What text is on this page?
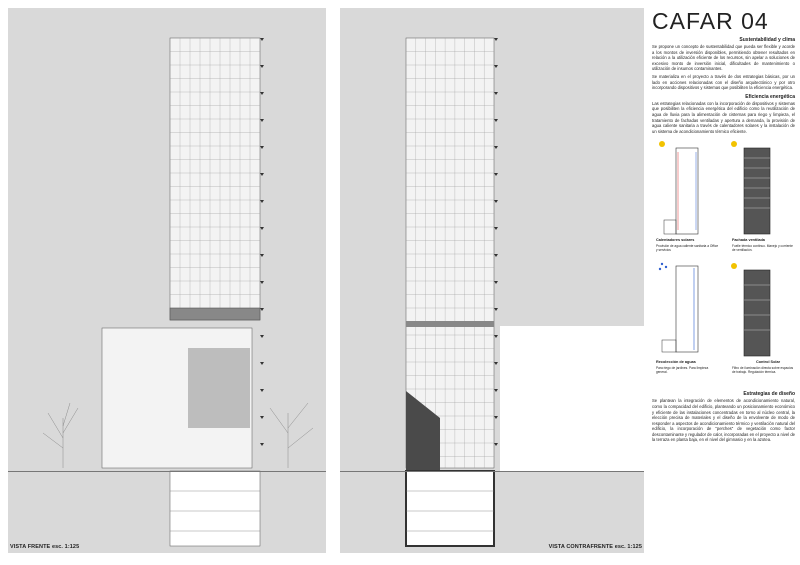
VISTA FRENTE esc. 1:125	VISTA CONTRAFRENTE esc. 1:125
CAFAR 04
Sustentabilidad y clima

Se propone un concepto de sustentabilidad que pueda ser flexible y acorde a los montos de inversión disponibles, permitiendo obtener resultados en relación a la utilización eficiente de los recursos, sin apelar a soluciones de excesivo monto de inversión inicial, dificultades de mantenimiento o utilización de insumos contaminantes.

Se materializa en el proyecto a través de dos estrategias básicas, por un lado en acciones relacionadas con el diseño arquitectónico y por otro incorporando dispositivos y sistemas que posibiliten la eficiencia energética.

Eficiencia energética

Las estrategias relacionadas con la incorporación de dispositivos y sistemas que posibiliten la eficiencia energética del edificio como la reutilización de agua de lluvia para la alimentación de cisternas para riego y limpieza, el tratamiento de fachadas ventiladas y apertura a demanda, la provisión de agua caliente sanitaria a través de calentadores solares y la instalación de un sistema de acondicionamiento térmico eficiente.

Calentadores solares
Provisión de agua caliente sanitaria a Office y servicios
Fachada ventilada
Fuelle térmico continuo. Manejo y corriente de ventilación.
Recolección de aguas
Para riego de jardines. Para limpieza general.
Control Solar
Filtro de iluminación directa sobre espacios de trabajo. Regulación térmica.
Estrategias de diseño

Se plantean la integración de elementos de acondicionamiento natural, como la compacidad del edificio, planteando un posicionamiento económico y eficiente de las instalaciones concentradas en torno al núcleo central, la elección precisa de materiales y el diseño de la envolvente de modo de responder a aspectos de acondicionamiento térmico y ventilación natural del edificio, la incorporación de "perches" de vegetación como factor descontaminante y regulador de calor, incorporadas en el proyecto a nivel de la terraza en planta baja, en el nivel del gimnasio y en la azotea.
